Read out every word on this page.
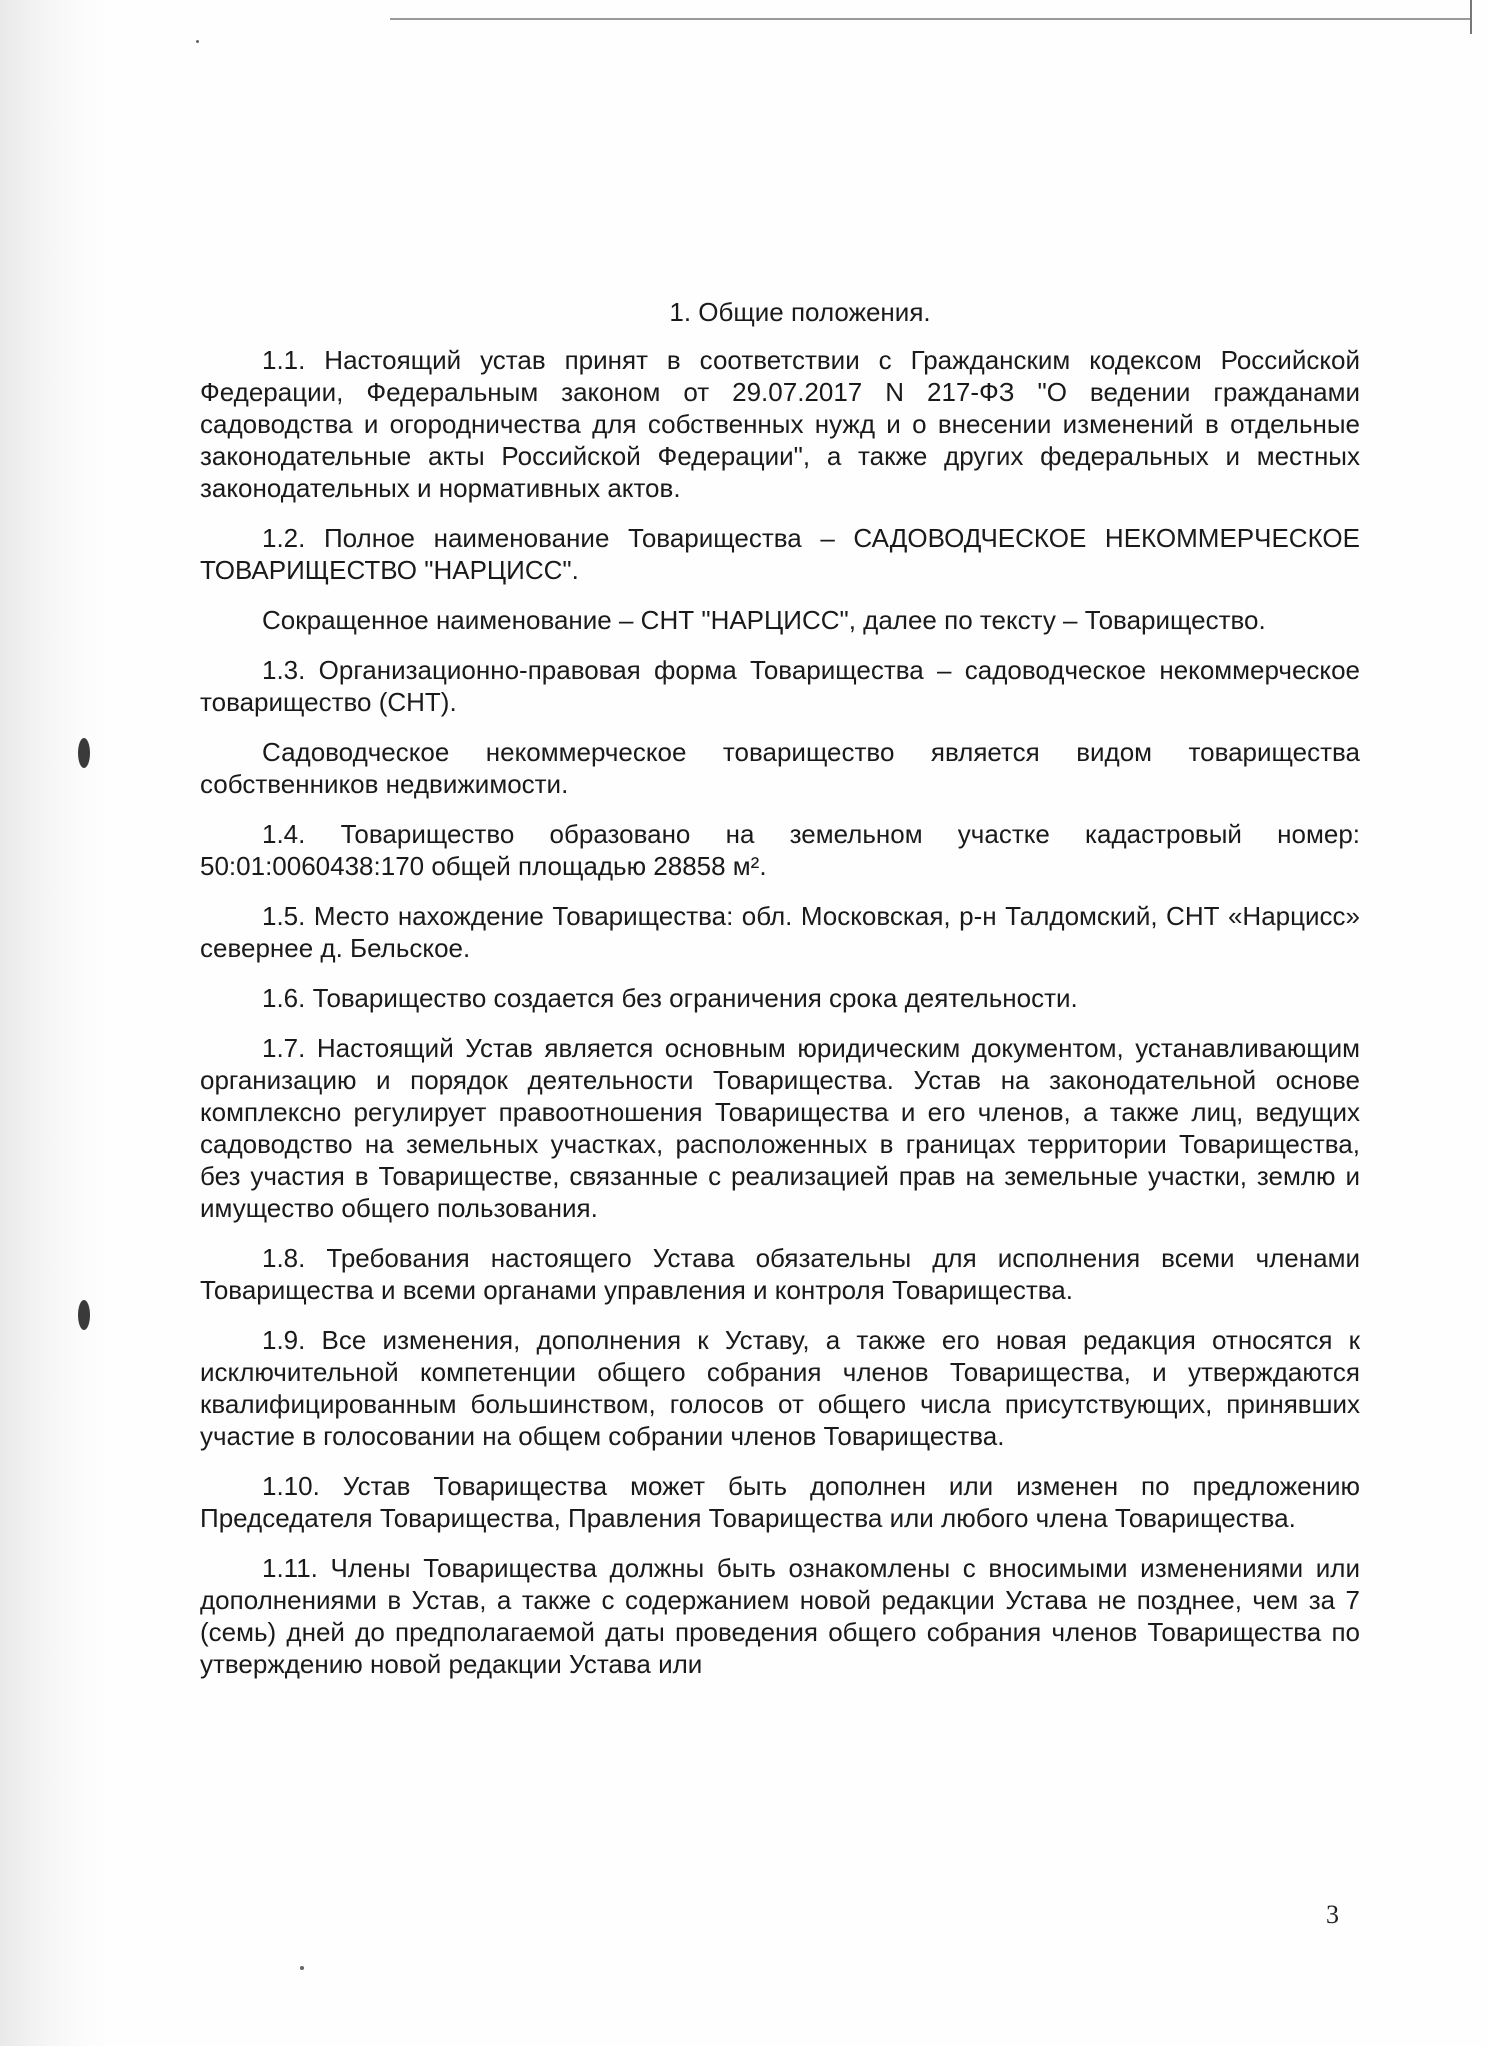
1. Общие положения.

1.1. Настоящий устав принят в соответствии с Гражданским кодексом Российской Федерации, Федеральным законом от 29.07.2017 N 217-ФЗ "О ведении гражданами садоводства и огородничества для собственных нужд и о внесении изменений в отдельные законодательные акты Российской Федерации", а также других федеральных и местных законодательных и нормативных актов.

1.2. Полное наименование Товарищества – САДОВОДЧЕСКОЕ НЕКОММЕРЧЕСКОЕ ТОВАРИЩЕСТВО "НАРЦИСС".

Сокращенное наименование – СНТ "НАРЦИСС", далее по тексту – Товарищество.

1.3. Организационно-правовая форма Товарищества – садоводческое некоммерческое товарищество (СНТ).

Садоводческое некоммерческое товарищество является видом товарищества собственников недвижимости.

1.4. Товарищество образовано на земельном участке кадастровый номер: 50:01:0060438:170 общей площадью 28858 м².

1.5. Место нахождение Товарищества: обл. Московская, р-н Талдомский, СНТ «Нарцисс» севернее д. Бельское.

1.6. Товарищество создается без ограничения срока деятельности.

1.7. Настоящий Устав является основным юридическим документом, устанавливающим организацию и порядок деятельности Товарищества. Устав на законодательной основе комплексно регулирует правоотношения Товарищества и его членов, а также лиц, ведущих садоводство на земельных участках, расположенных в границах территории Товарищества, без участия в Товариществе, связанные с реализацией прав на земельные участки, землю и имущество общего пользования.

1.8. Требования настоящего Устава обязательны для исполнения всеми членами Товарищества и всеми органами управления и контроля Товарищества.

1.9. Все изменения, дополнения к Уставу, а также его новая редакция относятся к исключительной компетенции общего собрания членов Товарищества, и утверждаются квалифицированным большинством, голосов от общего числа присутствующих, принявших участие в голосовании на общем собрании членов Товарищества.

1.10. Устав Товарищества может быть дополнен или изменен по предложению Председателя Товарищества, Правления Товарищества или любого члена Товарищества.

1.11. Члены Товарищества должны быть ознакомлены с вносимыми изменениями или дополнениями в Устав, а также с содержанием новой редакции Устава не позднее, чем за 7 (семь) дней до предполагаемой даты проведения общего собрания членов Товарищества по утверждению новой редакции Устава или

3
